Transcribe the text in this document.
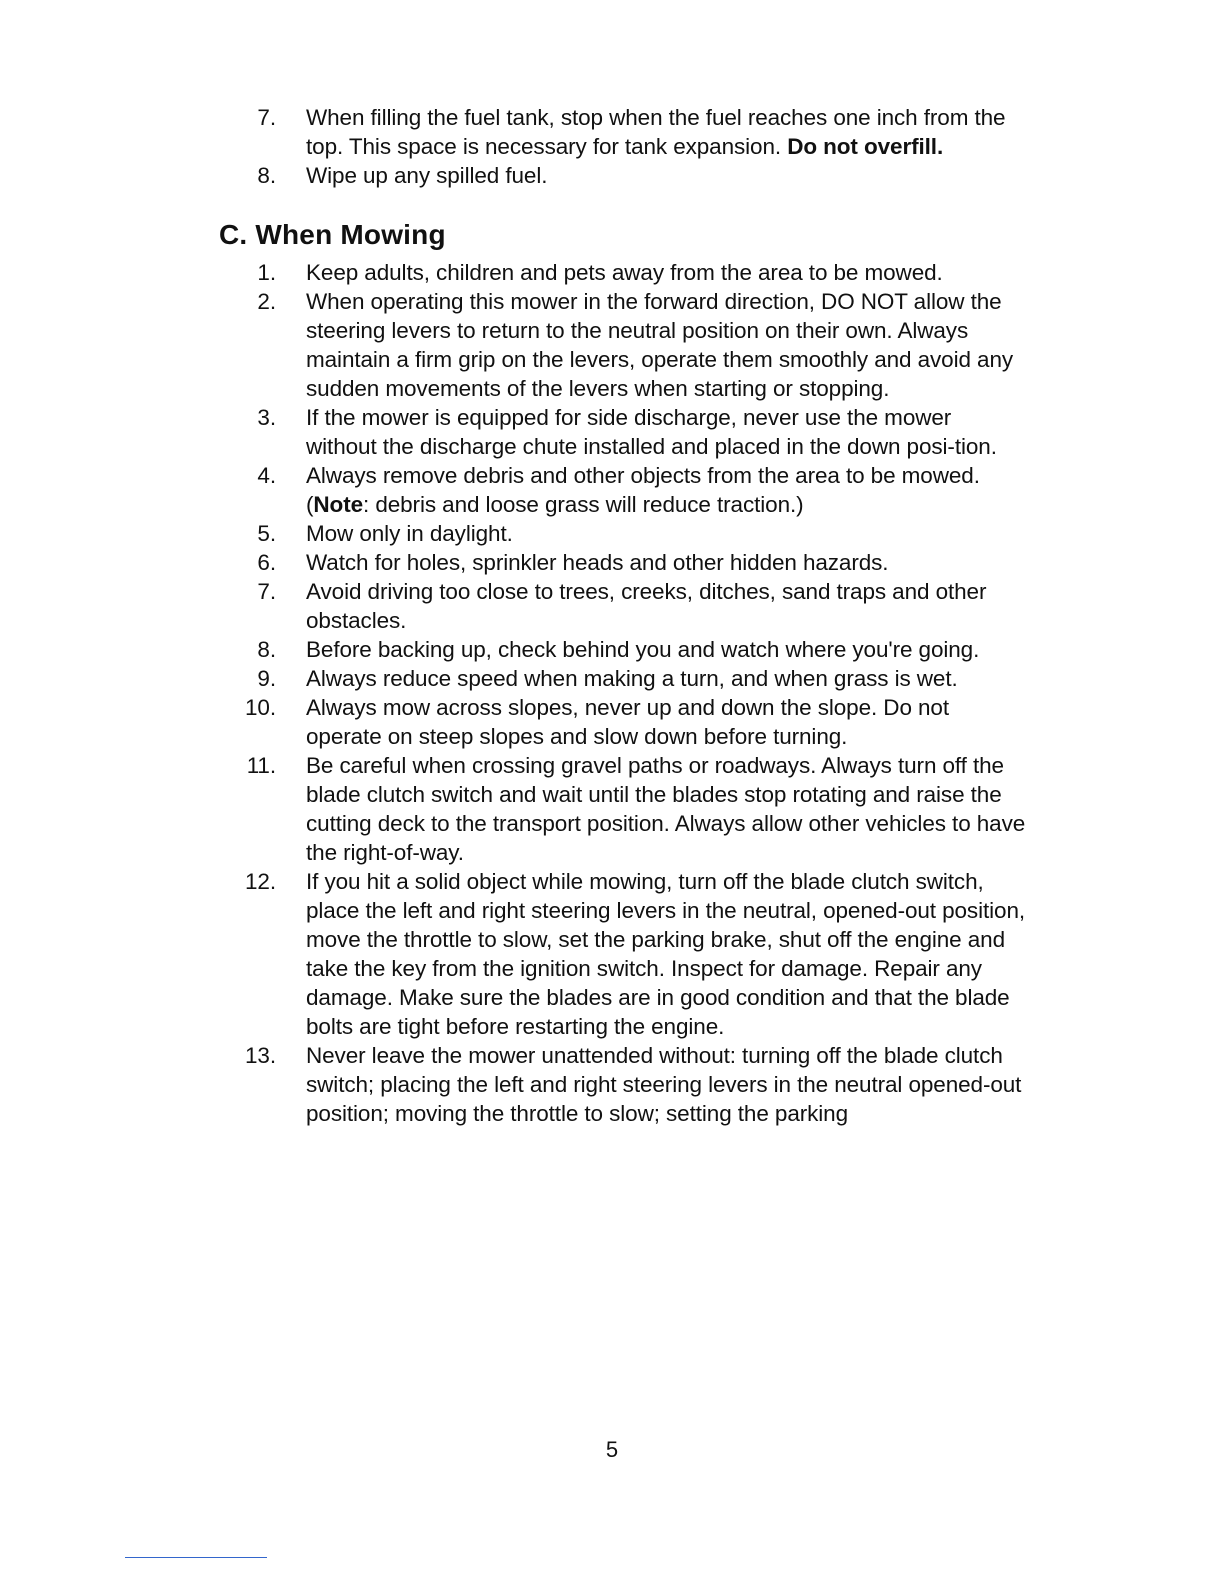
7. When filling the fuel tank, stop when the fuel reaches one inch from the top. This space is necessary for tank expansion. Do not overfill.
8. Wipe up any spilled fuel.
C. When Mowing
1. Keep adults, children and pets away from the area to be mowed.
2. When operating this mower in the forward direction, DO NOT allow the steering levers to return to the neutral position on their own. Always maintain a firm grip on the levers, operate them smoothly and avoid any sudden movements of the levers when starting or stopping.
3. If the mower is equipped for side discharge, never use the mower without the discharge chute installed and placed in the down posi-tion.
4. Always remove debris and other objects from the area to be mowed.(Note: debris and loose grass will reduce traction.)
5. Mow only in daylight.
6. Watch for holes, sprinkler heads and other hidden hazards.
7. Avoid driving too close to trees, creeks, ditches, sand traps and other obstacles.
8. Before backing up, check behind you and watch where you're going.
9. Always reduce speed when making a turn, and when grass is wet.
10. Always mow across slopes, never up and down the slope. Do not operate on steep slopes and slow down before turning.
11. Be careful when crossing gravel paths or roadways. Always turn off the blade clutch switch and wait until the blades stop rotating and raise the cutting deck to the transport position. Always allow other vehicles to have the right-of-way.
12. If you hit a solid object while mowing, turn off the blade clutch switch, place the left and right steering levers in the neutral, opened-out position, move the throttle to slow, set the parking brake, shut off the engine and take the key from the ignition switch. Inspect for damage. Repair any damage. Make sure the blades are in good condition and that the blade bolts are tight before restarting the engine.
13. Never leave the mower unattended without: turning off the blade clutch switch; placing the left and right steering levers in the neutral opened-out position; moving the throttle to slow; setting the parking
5
